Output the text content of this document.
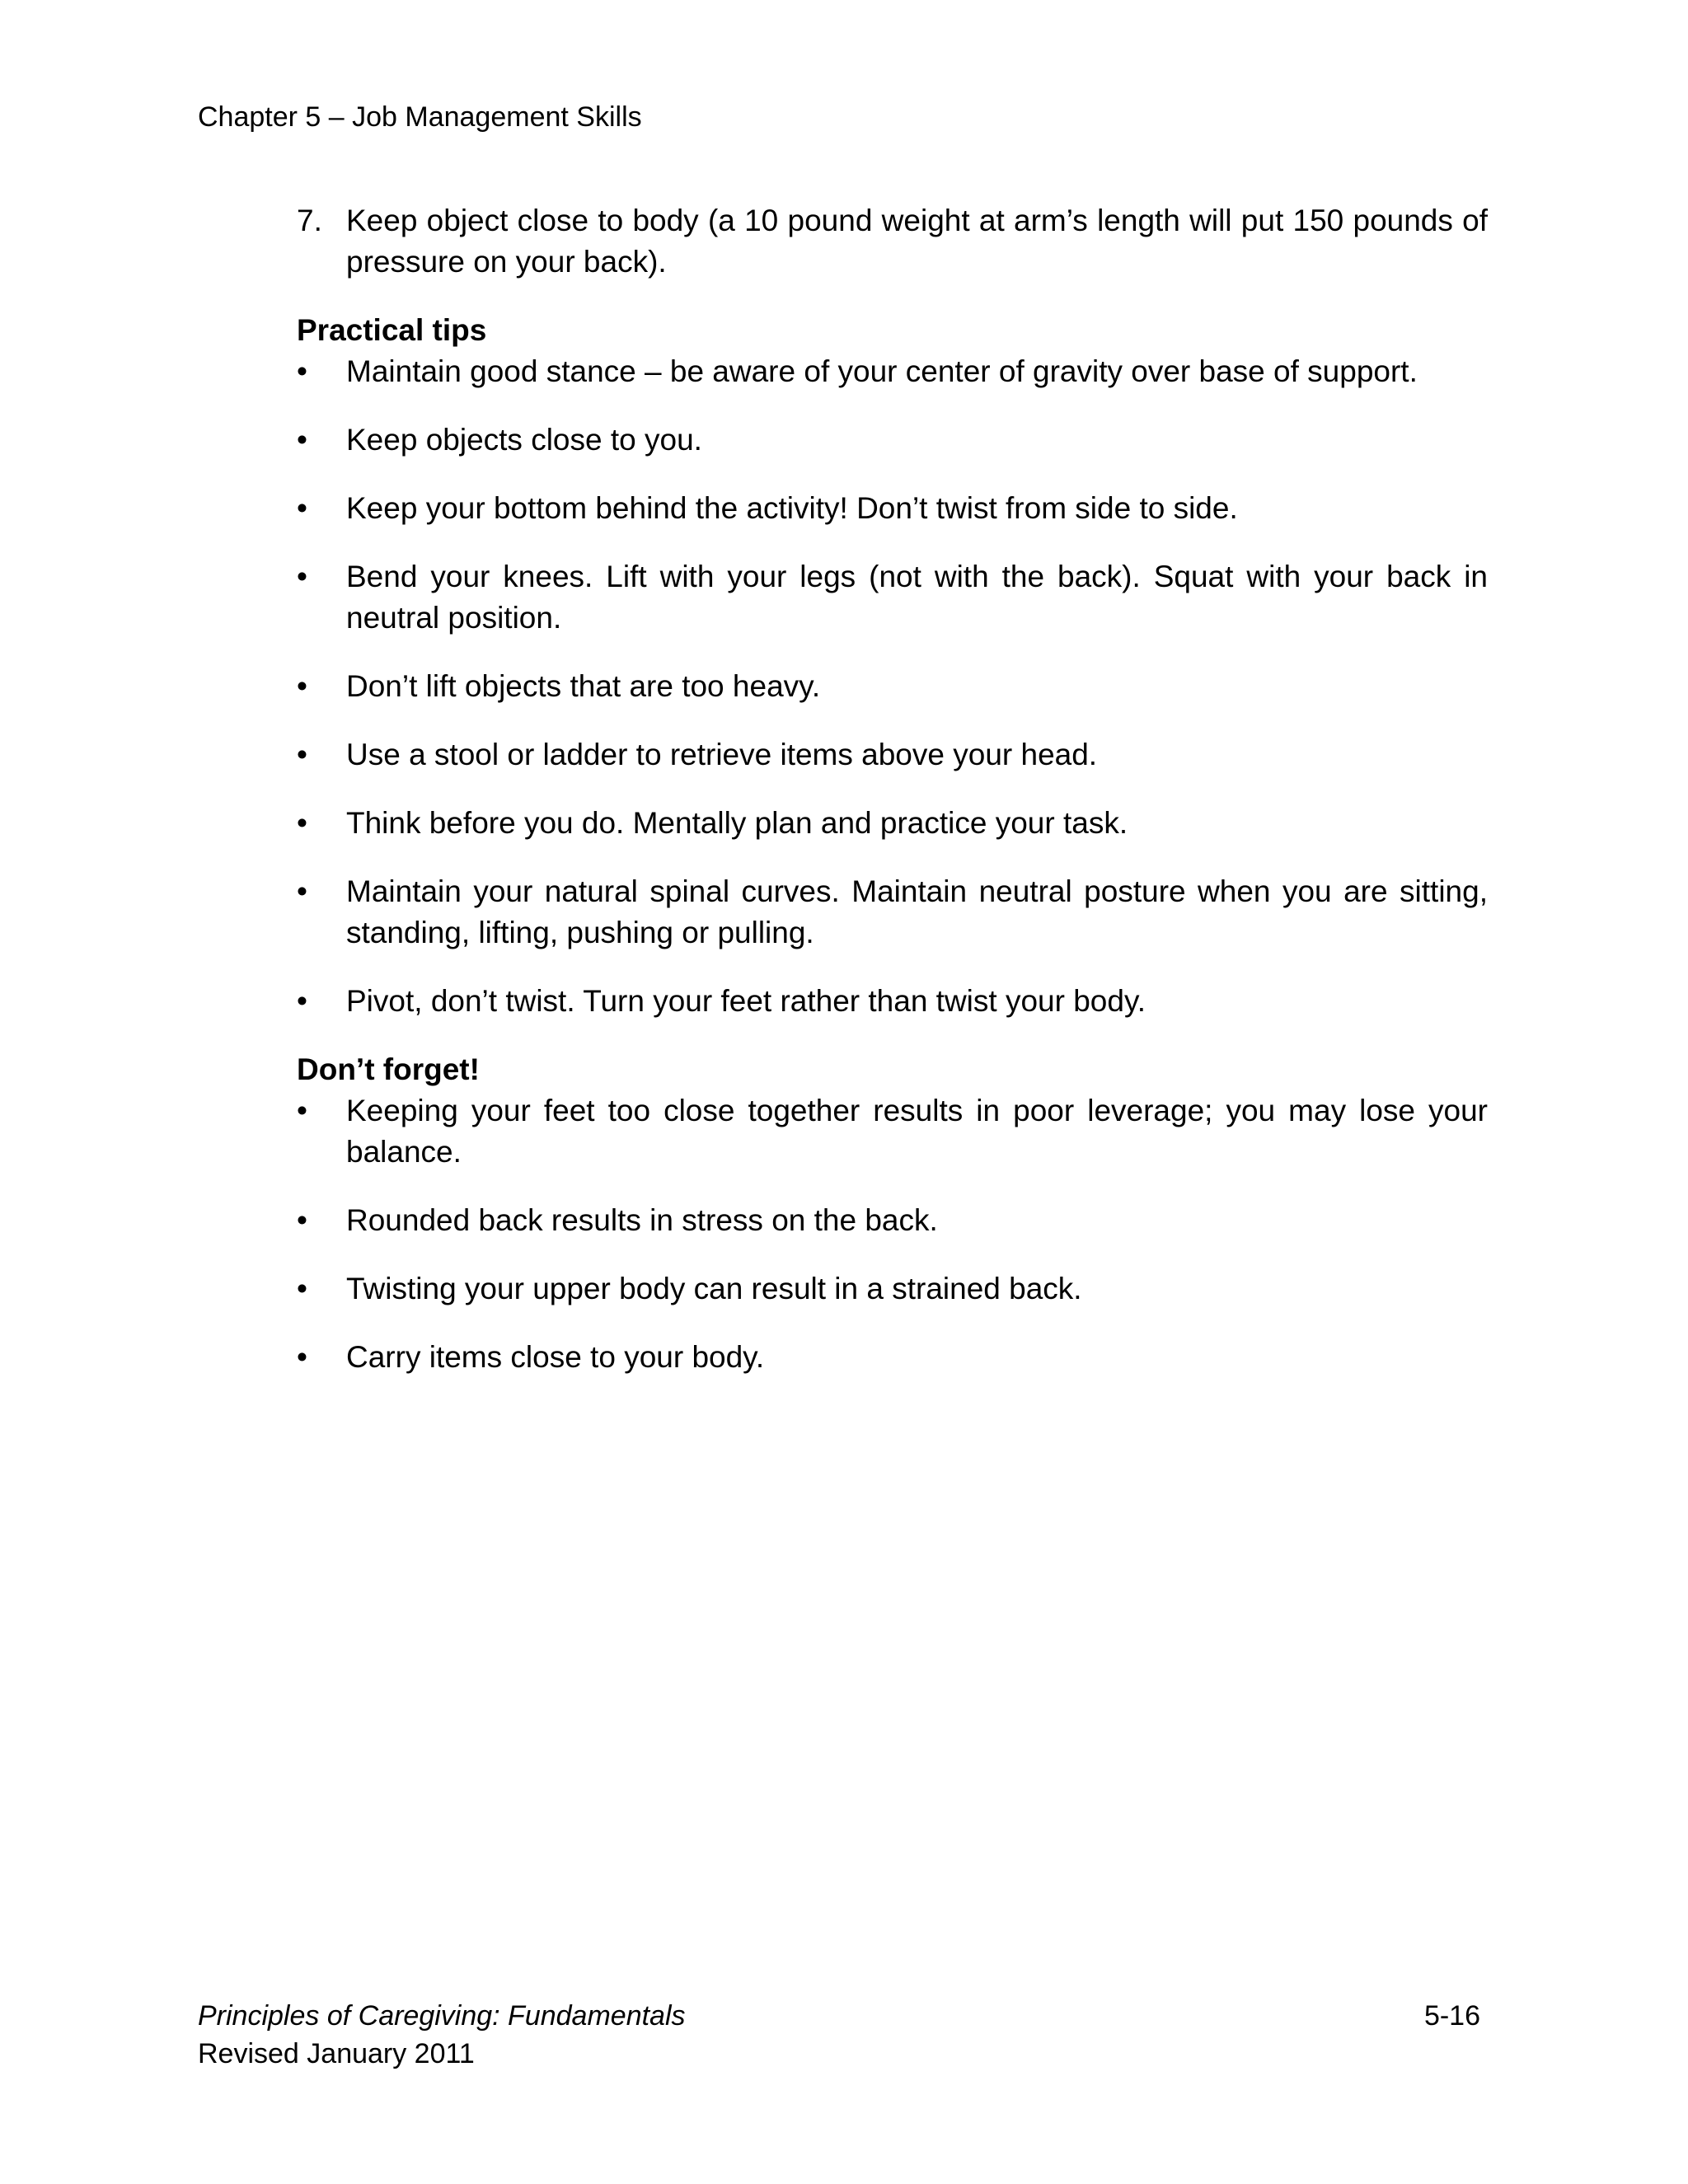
Chapter 5 – Job Management Skills
7. Keep object close to body (a 10 pound weight at arm’s length will put 150 pounds of pressure on your back).
Practical tips
• Maintain good stance – be aware of your center of gravity over base of support.
• Keep objects close to you.
• Keep your bottom behind the activity! Don’t twist from side to side.
• Bend your knees. Lift with your legs (not with the back). Squat with your back in neutral position.
• Don’t lift objects that are too heavy.
• Use a stool or ladder to retrieve items above your head.
• Think before you do. Mentally plan and practice your task.
• Maintain your natural spinal curves. Maintain neutral posture when you are sitting, standing, lifting, pushing or pulling.
• Pivot, don’t twist. Turn your feet rather than twist your body.
Don’t forget!
• Keeping your feet too close together results in poor leverage; you may lose your balance.
• Rounded back results in stress on the back.
• Twisting your upper body can result in a strained back.
• Carry items close to your body.
Principles of Caregiving: Fundamentals
Revised January 2011
5-16
